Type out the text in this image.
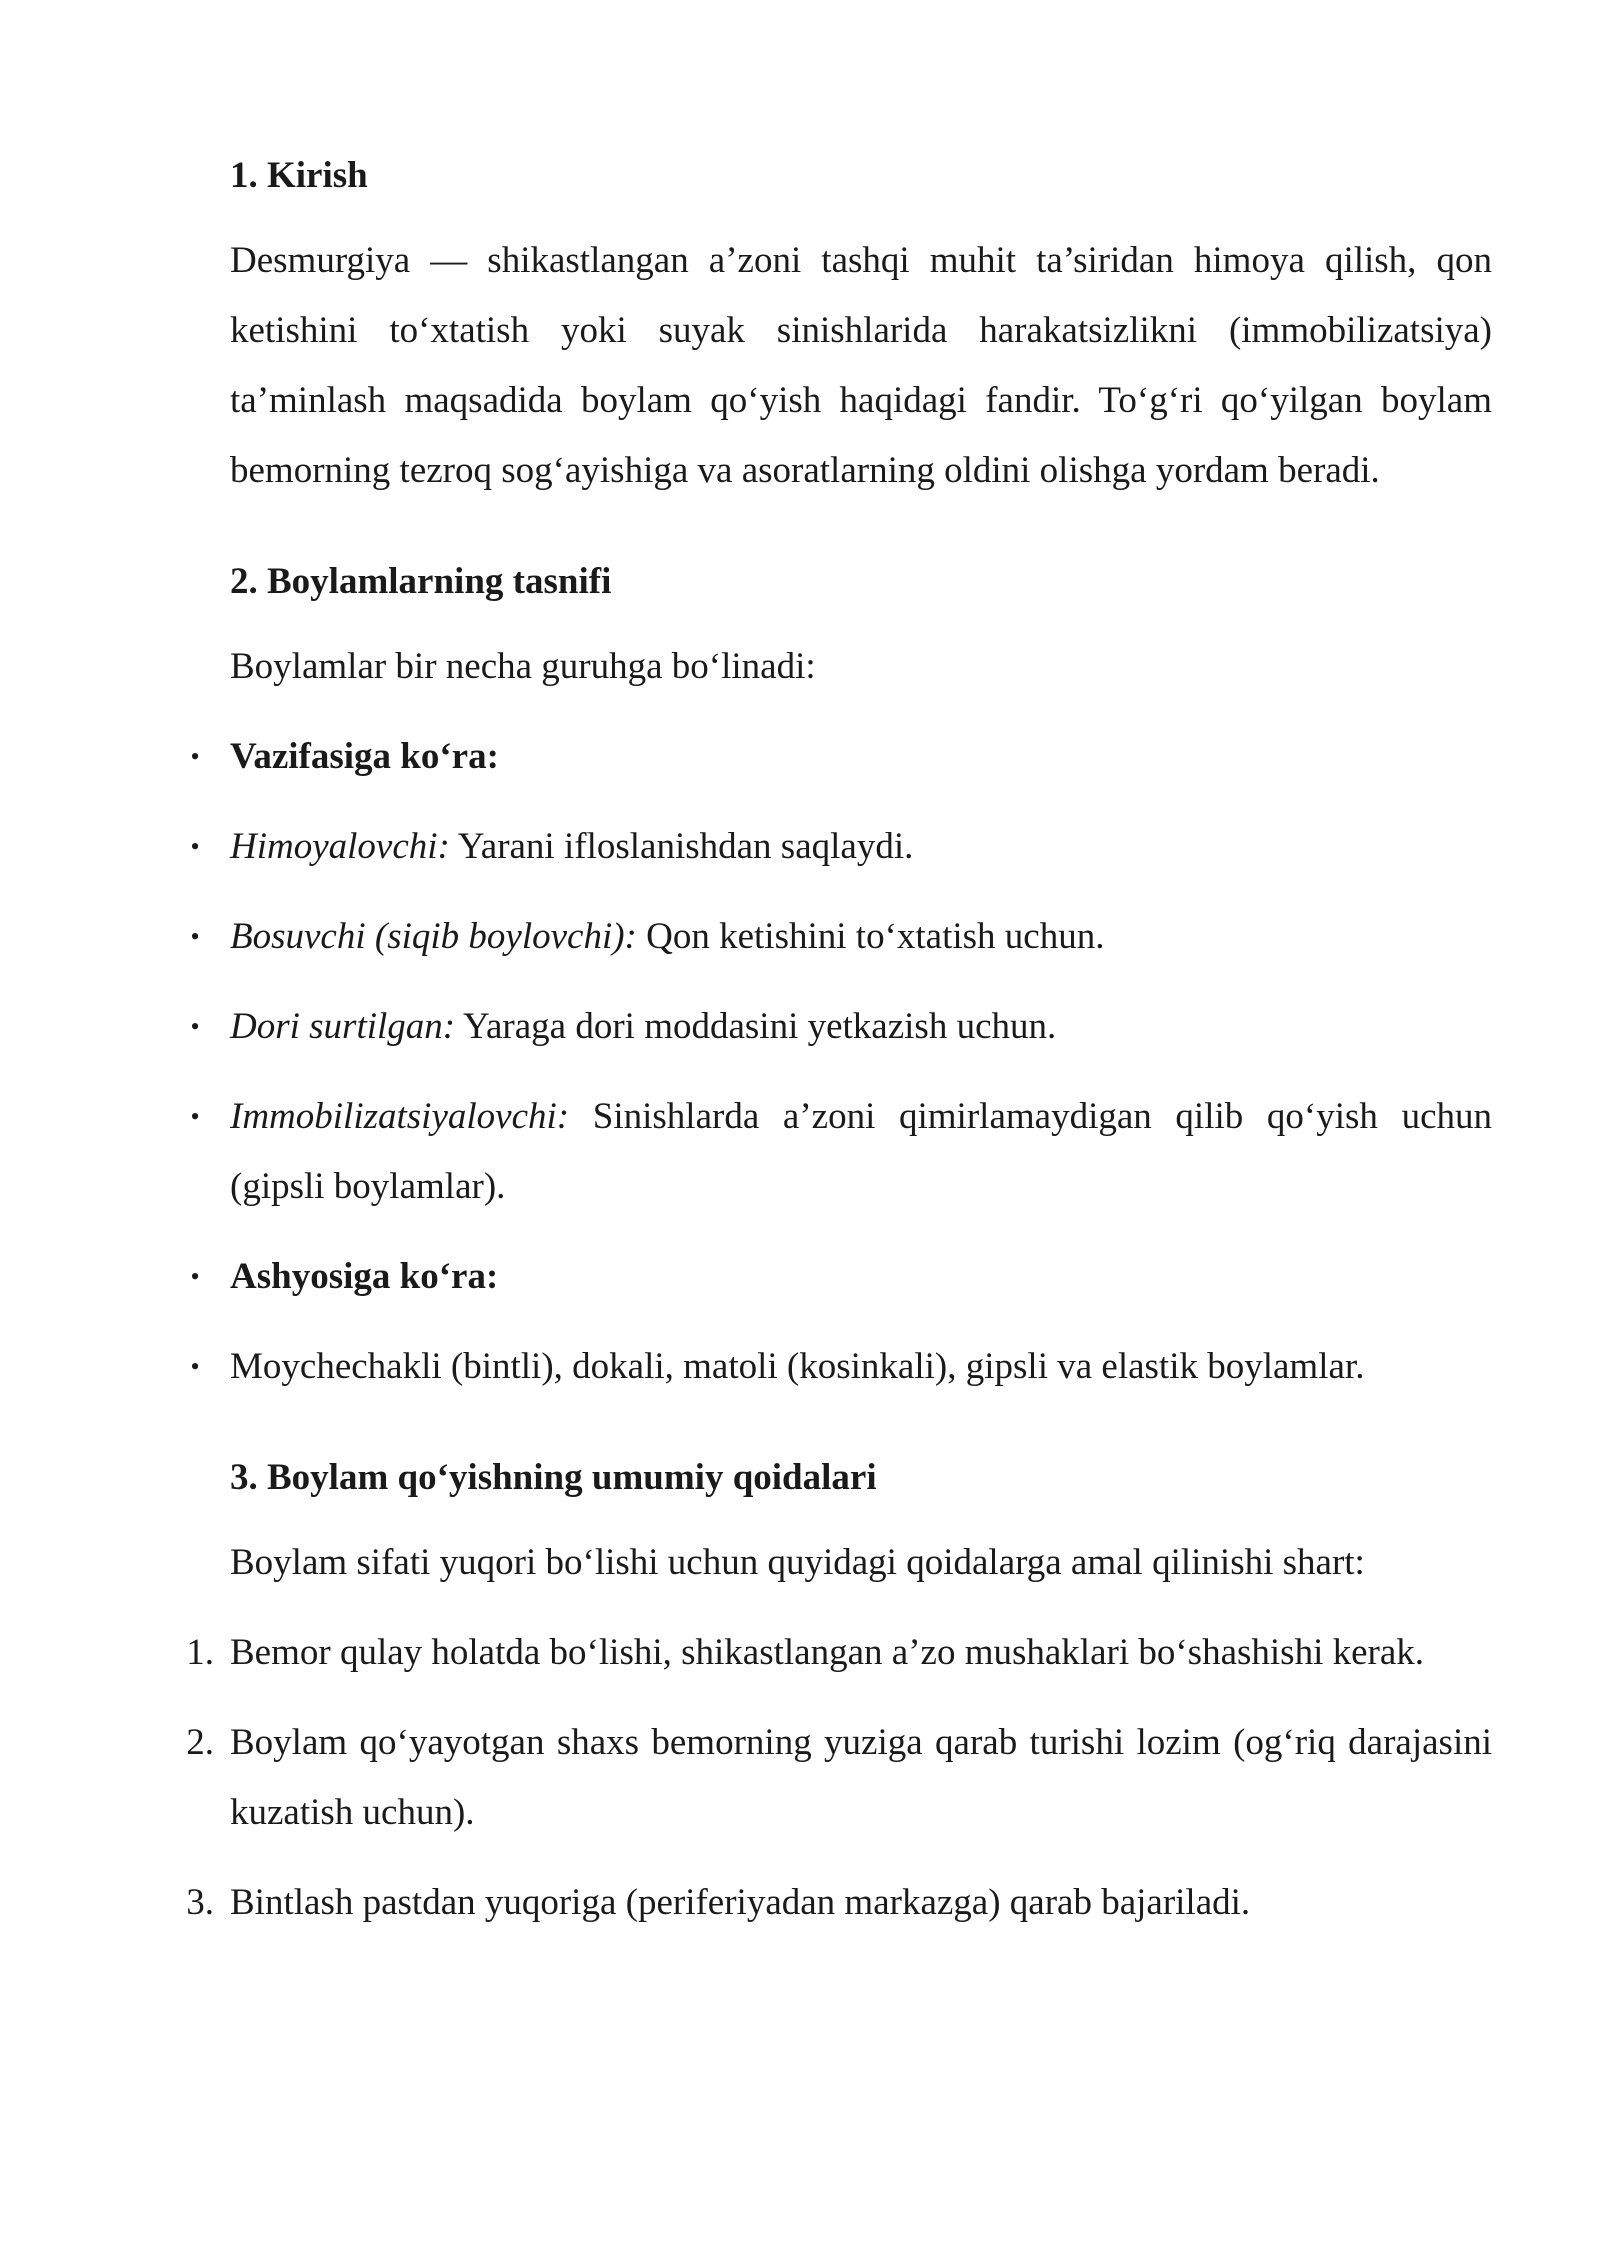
1. Kirish

Desmurgiya — shikastlangan a’zoni tashqi muhit ta’siridan himoya qilish, qon ketishini to‘xtatish yoki suyak sinishlarida harakatsizlikni (immobilizatsiya) ta’minlash maqsadida boylam qo‘yish haqidagi fandir. To‘g‘ri qo‘yilgan boylam bemorning tezroq sog‘ayishiga va asoratlarning oldini olishga yordam beradi.

2. Boylamlarning tasnifi

Boylamlar bir necha guruhga bo‘linadi:

• Vazifasiga ko‘ra:
• Himoyalovchi: Yarani ifloslanishdan saqlaydi.
• Bosuvchi (siqib boylovchi): Qon ketishini to‘xtatish uchun.
• Dori surtilgan: Yaraga dori moddasini yetkazish uchun.
• Immobilizatsiyalovchi: Sinishlarda a’zoni qimirlamaydigan qilib qo‘yish uchun (gipsli boylamlar).
• Ashyosiga ko‘ra:
• Moychechakli (bintli), dokali, matoli (kosinkali), gipsli va elastik boylamlar.
3. Boylam qo‘yishning umumiy qoidalari

Boylam sifati yuqori bo‘lishi uchun quyidagi qoidalarga amal qilinishi shart:

1. Bemor qulay holatda bo‘lishi, shikastlangan a’zo mushaklari bo‘shashishi kerak.
2. Boylam qo‘yayotgan shaxs bemorning yuziga qarab turishi lozim (og‘riq darajasini kuzatish uchun).
3. Bintlash pastdan yuqoriga (periferiyadan markazga) qarab bajariladi.
